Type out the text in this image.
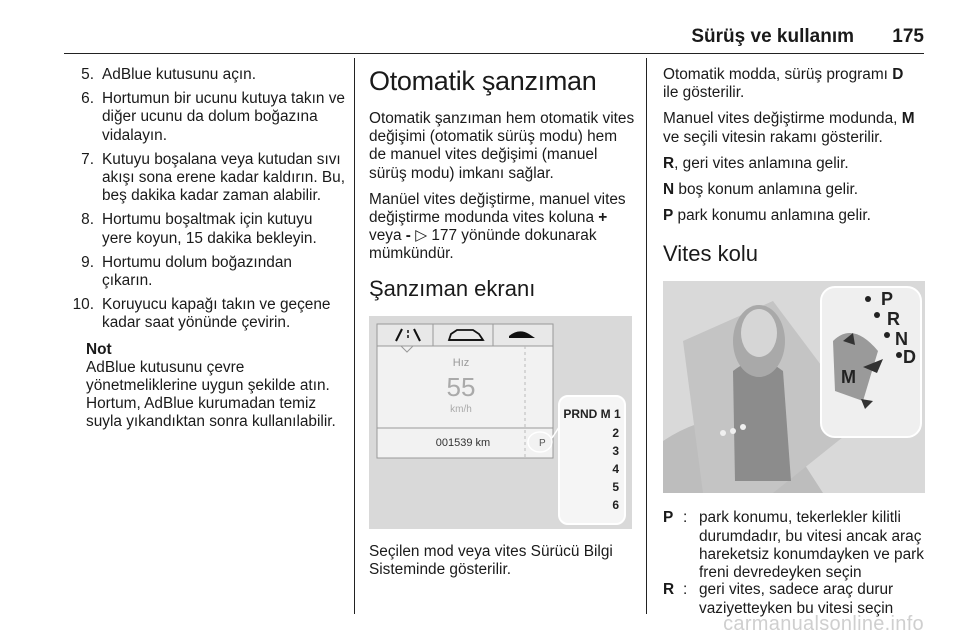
Sürüş ve kullanım 175
5. AdBlue kutusunu açın.
6. Hortumun bir ucunu kutuya takın ve diğer ucunu da dolum boğazına vidalayın.
7. Kutuyu boşalana veya kutudan sıvı akışı sona erene kadar kaldırın. Bu, beş dakika kadar zaman alabilir.
8. Hortumu boşaltmak için kutuyu yere koyun, 15 dakika bekleyin.
9. Hortumu dolum boğazından çıkarın.
10. Koruyucu kapağı takın ve geçene kadar saat yönünde çevirin.
Not
AdBlue kutusunu çevre yönetmeliklerine uygun şekilde atın. Hortum, AdBlue kurumadan temiz suyla yıkandıktan sonra kullanılabilir.
Otomatik şanzıman

Otomatik şanzıman hem otomatik vites değişimi (otomatik sürüş modu) hem de manuel vites değişimi (manuel sürüş modu) imkanı sağlar.

Manüel vites değiştirme, manuel vites değiştirme modunda vites koluna +
veya - ▷ 177 yönünde dokunarak mümkündür.

Şanzıman ekranı
Hız
55
km/h
001539 km	P
PRND M 1
2
3
4
5
6

Seçilen mod veya vites Sürücü Bilgi Sisteminde gösterilir.

Otomatik modda, sürüş programı D
ile gösterilir.

Manuel vites değiştirme modunda, M
ve seçili vitesin rakamı gösterilir.

R, geri vites anlamına gelir.

N boş konum anlamına gelir.

P park konumu anlamına gelir.

Vites kolu
P
R
N
D
M
P : park konumu, tekerlekler kilitli durumdadır, bu vitesi ancak araç hareketsiz konumdayken ve park freni devredeyken seçin
R : geri vites, sadece araç durur vaziyetteyken bu vitesi seçin
carmanualsonline.info
